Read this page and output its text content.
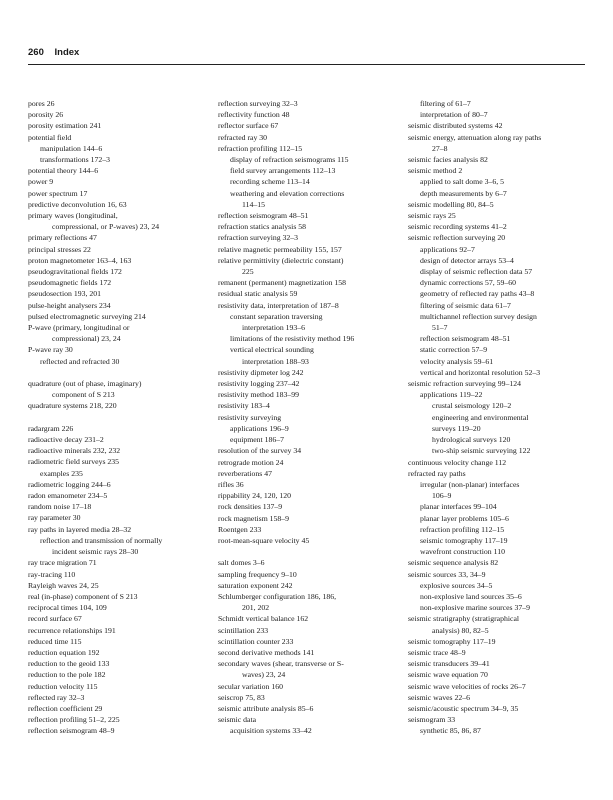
260 Index
pores 26
porosity 26
porosity estimation 241
potential field
manipulation 144–6
transformations 172–3
potential theory 144–6
power 9
power spectrum 17
predictive deconvolution 16, 63
primary waves (longitudinal,
compressional, or P-waves) 23, 24
primary reflections 47
principal stresses 22
proton magnetometer 163–4, 163
pseudogravitational fields 172
pseudomagnetic fields 172
pseudosection 193, 201
pulse-height analysers 234
pulsed electromagnetic surveying 214
P-wave (primary, longitudinal or
compressional) 23, 24
P-wave ray 30
reflected and refracted 30
quadrature (out of phase, imaginary)
component of S 213
quadrature systems 218, 220
radargram 226
radioactive decay 231–2
radioactive minerals 232, 232
radiometric field surveys 235
examples 235
radiometric logging 244–6
radon emanometer 234–5
random noise 17–18
ray parameter 30
ray paths in layered media 28–32
reflection and transmission of normally
incident seismic rays 28–30
ray trace migration 71
ray-tracing 110
Rayleigh waves 24, 25
real (in-phase) component of S 213
reciprocal times 104, 109
record surface 67
recurrence relationships 191
reduced time 115
reduction equation 192
reduction to the geoid 133
reduction to the pole 182
reduction velocity 115
reflected ray 32–3
reflection coefficient 29
reflection profiling 51–2, 225
reflection seismogram 48–9
reflection surveying 32–3
reflectivity function 48
reflector surface 67
refracted ray 30
refraction profiling 112–15
display of refraction seismograms 115
field survey arrangements 112–13
recording scheme 113–14
weathering and elevation corrections
114–15
reflection seismogram 48–51
refraction statics analysis 58
refraction surveying 32–3
relative magnetic permeability 155, 157
relative permittivity (dielectric constant)
225
remanent (permanent) magnetization 158
residual static analysis 59
resistivity data, interpretation of 187–8
constant separation traversing
interpretation 193–6
limitations of the resistivity method 196
vertical electrical sounding
interpretation 188–93
resistivity dipmeter log 242
resistivity logging 237–42
resistivity method 183–99
resistivity 183–4
resistivity surveying
applications 196–9
equipment 186–7
resolution of the survey 34
retrograde motion 24
reverberations 47
rifles 36
rippability 24, 120, 120
rock densities 137–9
rock magnetism 158–9
Roentgen 233
root-mean-square velocity 45
salt domes 3–6
sampling frequency 9–10
saturation exponent 242
Schlumberger configuration 186, 186,
201, 202
Schmidt vertical balance 162
scintillation 233
scintillation counter 233
second derivative methods 141
secondary waves (shear, transverse or S-
waves) 23, 24
secular variation 160
seiscrop 75, 83
seismic attribute analysis 85–6
seismic data
acquisition systems 33–42
filtering of 61–7
interpretation of 80–7
seismic distributed systems 42
seismic energy, attenuation along ray paths
27–8
seismic facies analysis 82
seismic method 2
applied to salt dome 3–6, 5
depth measurements by 6–7
seismic modelling 80, 84–5
seismic rays 25
seismic recording systems 41–2
seismic reflection surveying 20
applications 92–7
design of detector arrays 53–4
display of seismic reflection data 57
dynamic corrections 57, 59–60
geometry of reflected ray paths 43–8
filtering of seismic data 61–7
multichannel reflection survey design
51–7
reflection seismogram 48–51
static correction 57–9
velocity analysis 59–61
vertical and horizontal resolution 52–3
seismic refraction surveying 99–124
applications 119–22
crustal seismology 120–2
engineering and environmental
surveys 119–20
hydrological surveys 120
two-ship seismic surveying 122
continuous velocity change 112
refracted ray paths
irregular (non-planar) interfaces
106–9
planar interfaces 99–104
planar layer problems 105–6
refraction profiling 112–15
seismic tomography 117–19
wavefront construction 110
seismic sequence analysis 82
seismic sources 33, 34–9
explosive sources 34–5
non-explosive land sources 35–6
non-explosive marine sources 37–9
seismic stratigraphy (stratigraphical
analysis) 80, 82–5
seismic tomography 117–19
seismic trace 48–9
seismic transducers 39–41
seismic wave equation 70
seismic wave velocities of rocks 26–7
seismic waves 22–6
seismic/acoustic spectrum 34–9, 35
seismogram 33
synthetic 85, 86, 87
